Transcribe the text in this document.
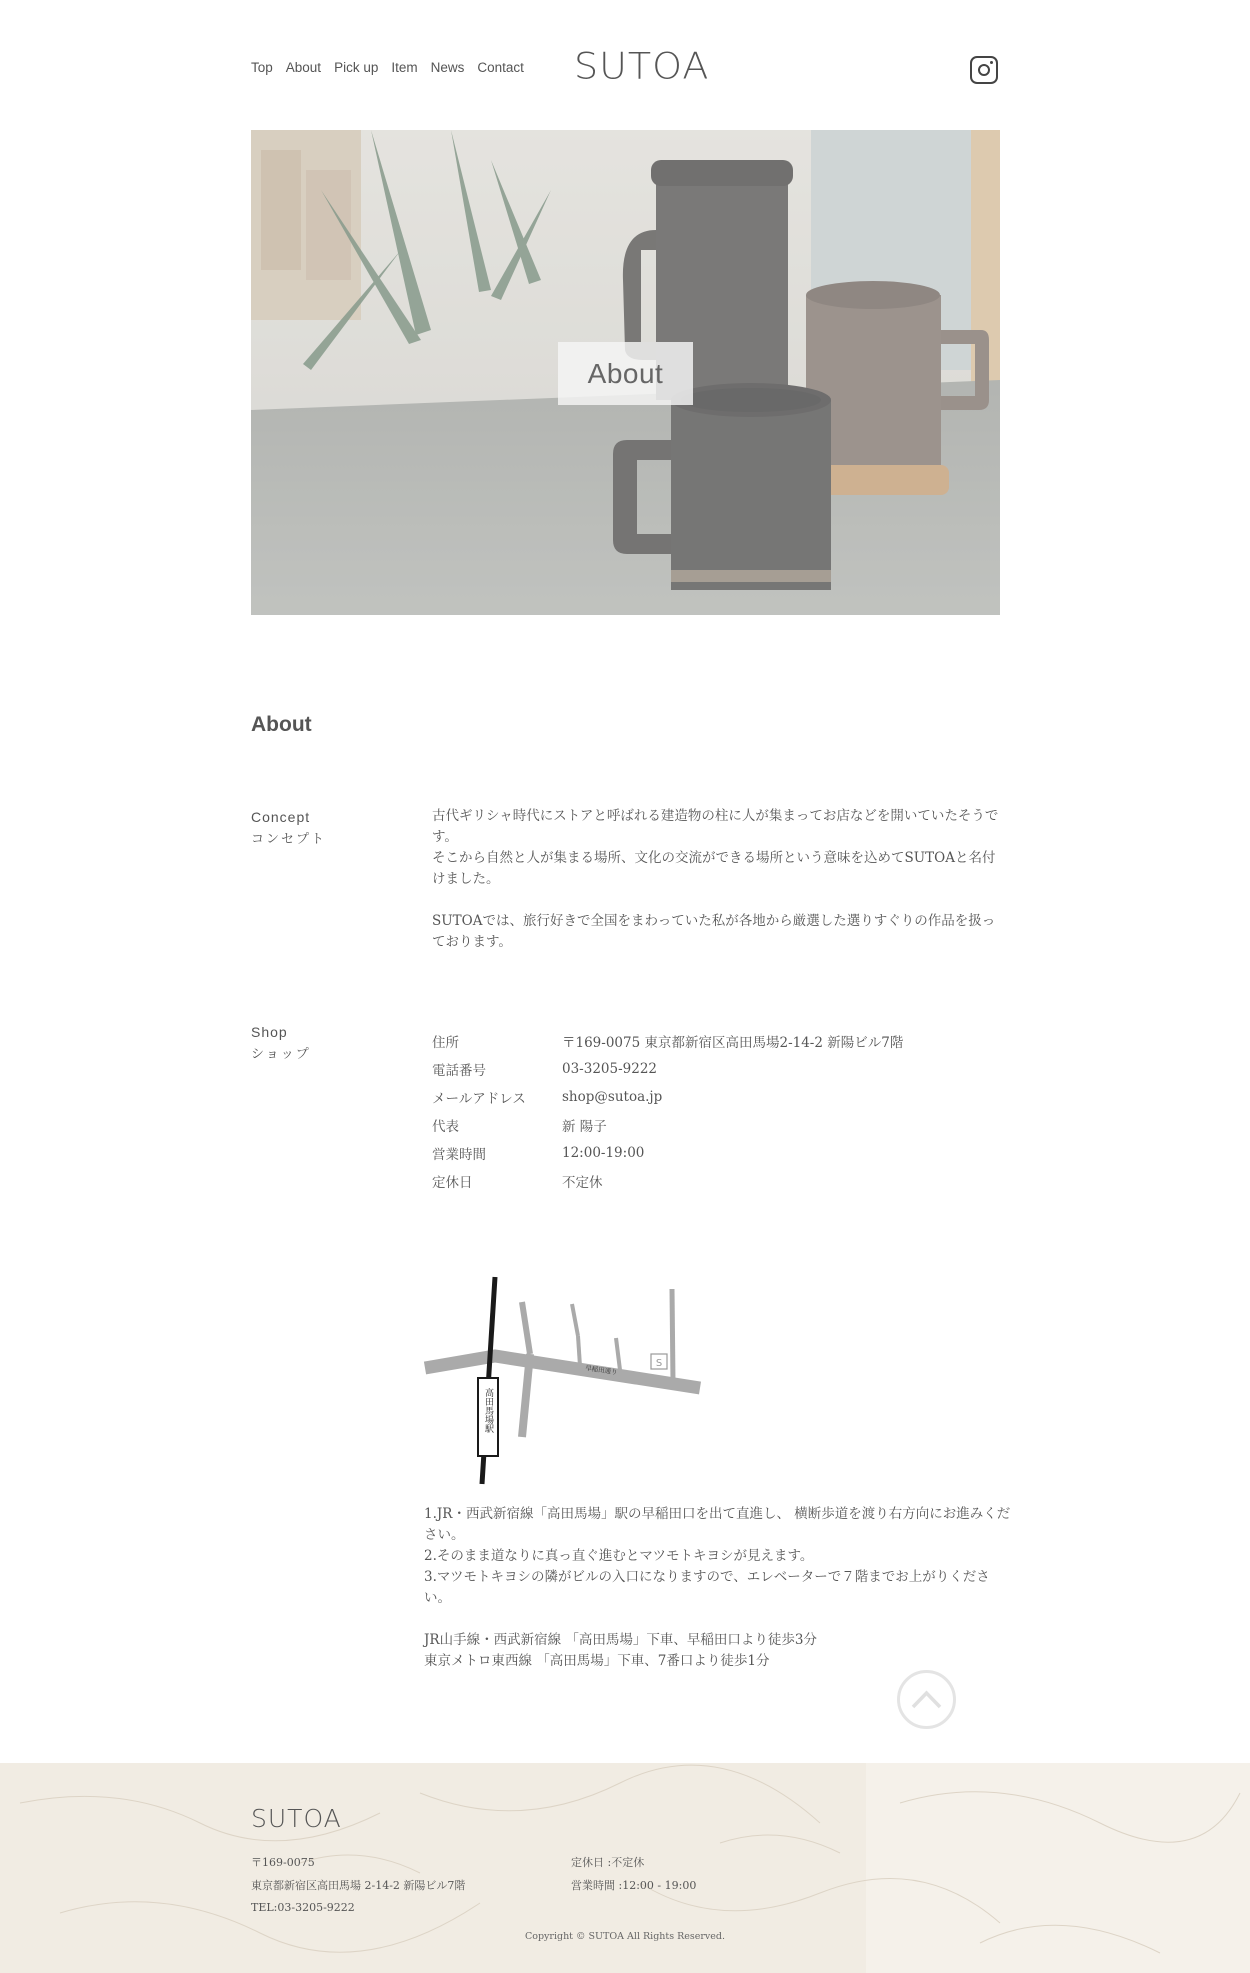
Top About Pick up Item News Contact SUTOA
About
About
Concept
コンセプト

古代ギリシャ時代にストアと呼ばれる建造物の柱に人が集まってお店などを開いていたそうです。
そこから自然と人が集まる場所、文化の交流ができる場所という意味を込めてSUTOAと名付けました。

SUTOAでは、旅行好きで全国をまわっていた私が各地から厳選した選りすぐりの作品を扱っております。

Shop
ショップ
住所	〒169-0075 東京都新宿区高田馬場2-14-2 新陽ビル7階
電話番号	03-3205-9222
メールアドレス	shop@sutoa.jp
代表	新 陽子
営業時間	12:00-19:00
定休日	不定休
高田馬場駅
早稲田通り
S
1.JR・西武新宿線「高田馬場」駅の早稲田口を出て直進し、 横断歩道を渡り右方向にお進みください。
2.そのまま道なりに真っ直ぐ進むとマツモトキヨシが見えます。
3.マツモトキヨシの隣がビルの入口になりますので、エレベーターで７階までお上がりください。
JR山手線・西武新宿線 「高田馬場」下車、早稲田口より徒歩3分
東京メトロ東西線 「高田馬場」下車、7番口より徒歩1分
SUTOA
〒169-0075
東京都新宿区高田馬場 2-14-2 新陽ビル7階
TEL:03-3205-9222
定休日 :不定休
営業時間 :12:00 - 19:00
Copyright © SUTOA All Rights Reserved.
